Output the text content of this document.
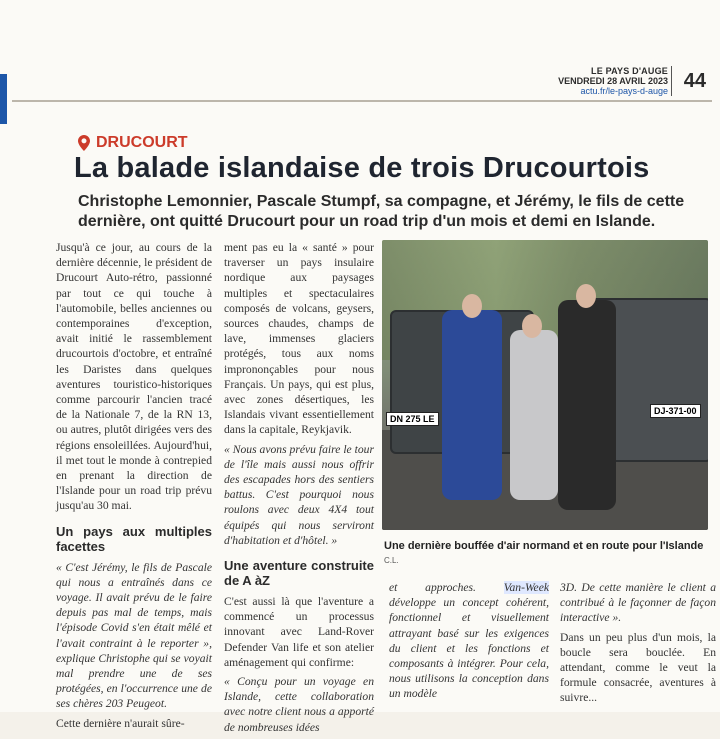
LE PAYS D'AUGE
VENDREDI 28 AVRIL 2023
actu.fr/le-pays-d-auge 44
DRUCOURT
La balade islandaise de trois Drucourtois
Christophe Lemonnier, Pascale Stumpf, sa compagne, et Jérémy, le fils de cette dernière, ont quitté Drucourt pour un road trip d'un mois et demi en Islande.

Jusqu'à ce jour, au cours de la dernière décennie, le président de Drucourt Auto-rétro, passionné par tout ce qui touche à l'automobile, belles anciennes ou contemporaines d'exception, avait initié le rassemblement drucourtois d'octobre, et entraîné les Daristes dans quelques aventures touristico-historiques comme parcourir l'ancien tracé de la Nationale 7, de la RN 13, ou autres, plutôt dirigées vers des régions ensoleillées. Aujourd'hui, il met tout le monde à contrepied en prenant la direction de l'Islande pour un road trip prévu jusqu'au 30 mai.

Un pays aux multiples facettes

« C'est Jérémy, le fils de Pascale qui nous a entraînés dans ce voyage. Il avait prévu de le faire depuis pas mal de temps, mais l'épisode Covid s'en était mêlé et l'avait contraint à le reporter », explique Christophe qui se voyait mal prendre une de ses protégées, en l'occurrence une de ses chères 203 Peugeot.

Cette dernière n'aurait sûre-

ment pas eu la « santé » pour traverser un pays insulaire nordique aux paysages multiples et spectaculaires composés de volcans, geysers, sources chaudes, champs de lave, immenses glaciers protégés, tous aux noms imprononçables pour nous Français. Un pays, qui est plus, avec zones désertiques, les Islandais vivant essentiellement dans la capitale, Reykjavik.

« Nous avons prévu faire le tour de l'île mais aussi nous offrir des escapades hors des sentiers battus. C'est pourquoi nous roulons avec deux 4X4 tout équipés qui nous serviront d'habitation et d'hôtel. »

Une aventure construite de A àZ

C'est aussi là que l'aventure a commencé un processus innovant avec Land-Rover Defender Van life et son atelier aménagement qui confirme:

« Conçu pour un voyage en Islande, cette collaboration avec notre client nous a apporté de nombreuses idées

DN 275 LE
DJ-371-00
Une dernière bouffée d'air normand et en route pour l'Islande
C.L.

et approches. Van-Week développe un concept cohérent, fonctionnel et visuellement attrayant basé sur les exigences du client et les fonctions et composants à intégrer. Pour cela, nous utilisons la conception dans un modèle

3D. De cette manière le client a contribué à le façonner de façon interactive ».

Dans un peu plus d'un mois, la boucle sera bouclée. En attendant, comme le veut la formule consacrée, aventures à suivre...
